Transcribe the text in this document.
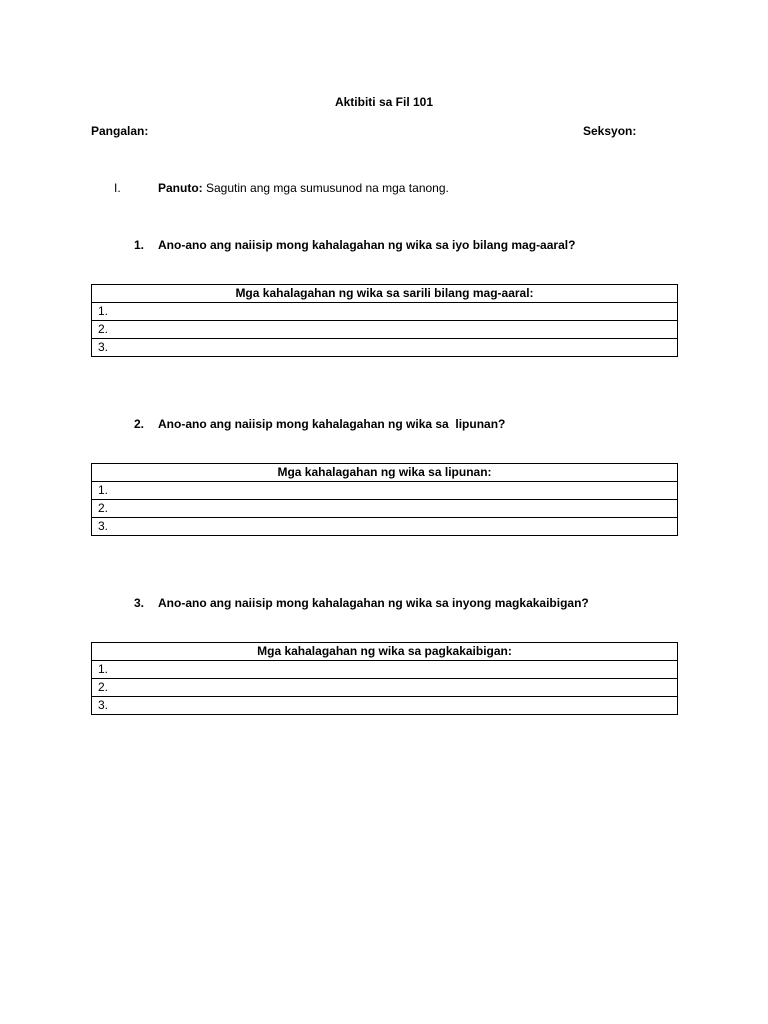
Aktibiti sa Fil 101
Pangalan:	Seksyon:
I.	Panuto: Sagutin ang mga sumusunod na mga tanong.
1. Ano-ano ang naiisip mong kahalagahan ng wika sa iyo bilang mag-aaral?
Mga kahalagahan ng wika sa sarili bilang mag-aaral:
1.
2.
3.
2. Ano-ano ang naiisip mong kahalagahan ng wika sa  lipunan?
Mga kahalagahan ng wika sa lipunan:
1.
2.
3.
3. Ano-ano ang naiisip mong kahalagahan ng wika sa inyong magkakaibigan?
Mga kahalagahan ng wika sa pagkakaibigan:
1.
2.
3.
